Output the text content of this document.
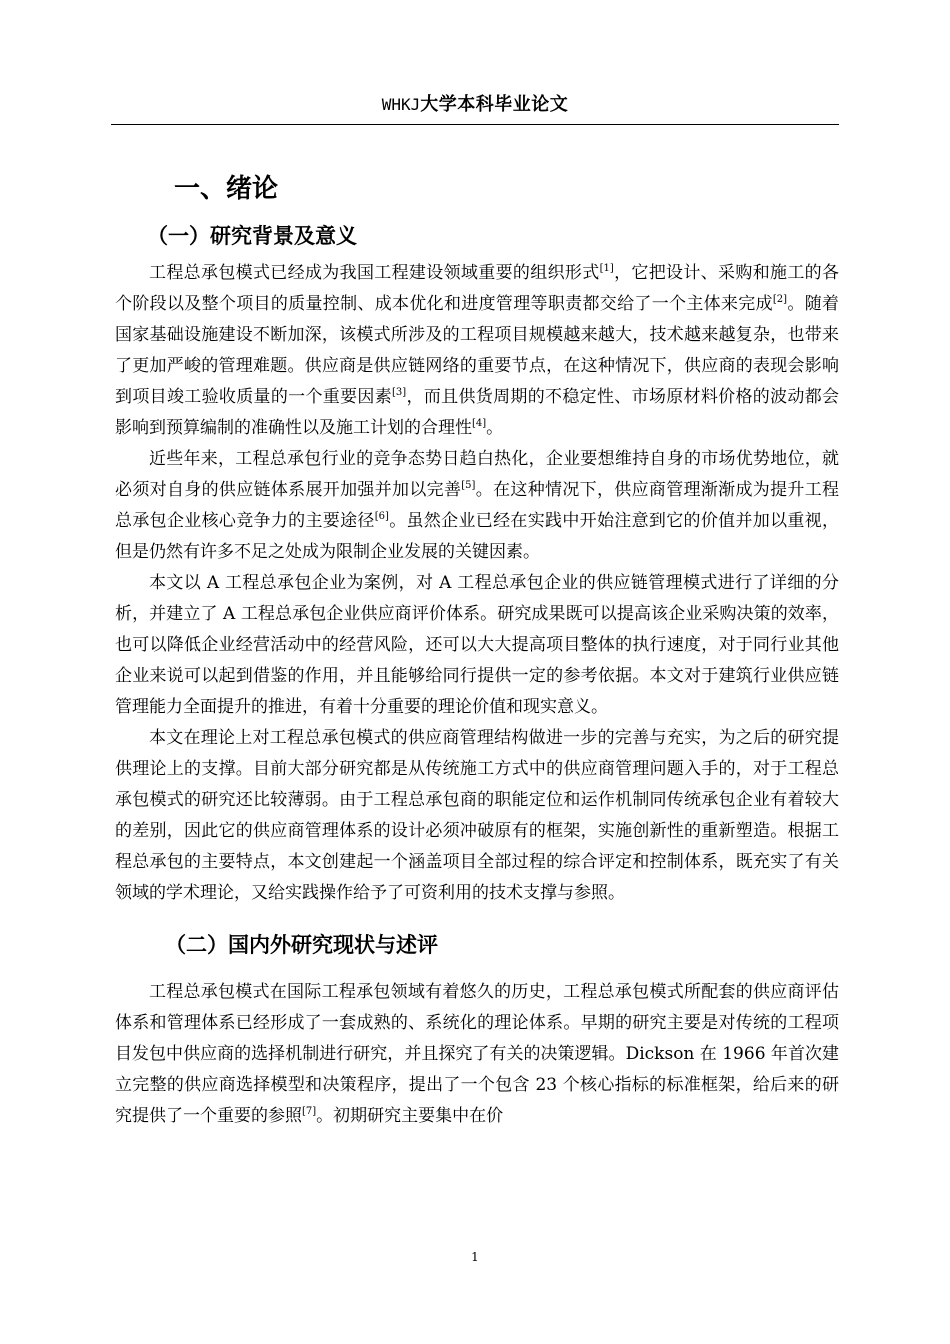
WHKJ大学本科毕业论文
一、绪论
（一）研究背景及意义

工程总承包模式已经成为我国工程建设领域重要的组织形式[1]，它把设计、采购和施工的各个阶段以及整个项目的质量控制、成本优化和进度管理等职责都交给了一个主体来完成[2]。随着国家基础设施建设不断加深，该模式所涉及的工程项目规模越来越大，技术越来越复杂，也带来了更加严峻的管理难题。供应商是供应链网络的重要节点，在这种情况下，供应商的表现会影响到项目竣工验收质量的一个重要因素[3]，而且供货周期的不稳定性、市场原材料价格的波动都会影响到预算编制的准确性以及施工计划的合理性[4]。

近些年来，工程总承包行业的竞争态势日趋白热化，企业要想维持自身的市场优势地位，就必须对自身的供应链体系展开加强并加以完善[5]。在这种情况下，供应商管理渐渐成为提升工程总承包企业核心竞争力的主要途径[6]。虽然企业已经在实践中开始注意到它的价值并加以重视，但是仍然有许多不足之处成为限制企业发展的关键因素。

本文以 A 工程总承包企业为案例，对 A 工程总承包企业的供应链管理模式进行了详细的分析，并建立了 A 工程总承包企业供应商评价体系。研究成果既可以提高该企业采购决策的效率，也可以降低企业经营活动中的经营风险，还可以大大提高项目整体的执行速度，对于同行业其他企业来说可以起到借鉴的作用，并且能够给同行提供一定的参考依据。本文对于建筑行业供应链管理能力全面提升的推进，有着十分重要的理论价值和现实意义。

本文在理论上对工程总承包模式的供应商管理结构做进一步的完善与充实，为之后的研究提供理论上的支撑。目前大部分研究都是从传统施工方式中的供应商管理问题入手的，对于工程总承包模式的研究还比较薄弱。由于工程总承包商的职能定位和运作机制同传统承包企业有着较大的差别，因此它的供应商管理体系的设计必须冲破原有的框架，实施创新性的重新塑造。根据工程总承包的主要特点，本文创建起一个涵盖项目全部过程的综合评定和控制体系，既充实了有关领域的学术理论，又给实践操作给予了可资利用的技术支撑与参照。

（二）国内外研究现状与述评

工程总承包模式在国际工程承包领域有着悠久的历史，工程总承包模式所配套的供应商评估体系和管理体系已经形成了一套成熟的、系统化的理论体系。早期的研究主要是对传统的工程项目发包中供应商的选择机制进行研究，并且探究了有关的决策逻辑。Dickson 在 1966 年首次建立完整的供应商选择模型和决策程序，提出了一个包含 23 个核心指标的标准框架，给后来的研究提供了一个重要的参照[7]。初期研究主要集中在价

1
